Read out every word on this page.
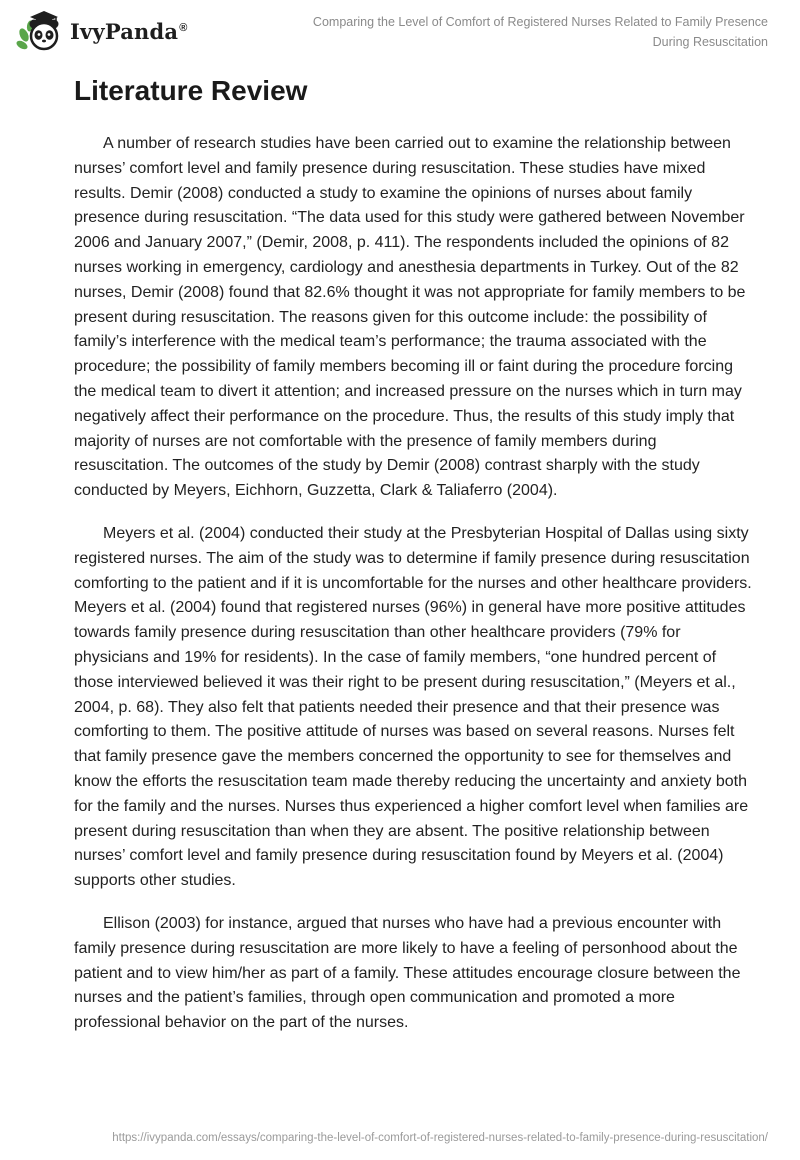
IvyPanda®	Comparing the Level of Comfort of Registered Nurses Related to Family Presence During Resuscitation
Literature Review

A number of research studies have been carried out to examine the relationship between nurses’ comfort level and family presence during resuscitation. These studies have mixed results. Demir (2008) conducted a study to examine the opinions of nurses about family presence during resuscitation. “The data used for this study were gathered between November 2006 and January 2007,” (Demir, 2008, p. 411). The respondents included the opinions of 82 nurses working in emergency, cardiology and anesthesia departments in Turkey. Out of the 82 nurses, Demir (2008) found that 82.6% thought it was not appropriate for family members to be present during resuscitation. The reasons given for this outcome include: the possibility of family’s interference with the medical team’s performance; the trauma associated with the procedure; the possibility of family members becoming ill or faint during the procedure forcing the medical team to divert it attention; and increased pressure on the nurses which in turn may negatively affect their performance on the procedure. Thus, the results of this study imply that majority of nurses are not comfortable with the presence of family members during resuscitation. The outcomes of the study by Demir (2008) contrast sharply with the study conducted by Meyers, Eichhorn, Guzzetta, Clark & Taliaferro (2004).

Meyers et al. (2004) conducted their study at the Presbyterian Hospital of Dallas using sixty registered nurses. The aim of the study was to determine if family presence during resuscitation comforting to the patient and if it is uncomfortable for the nurses and other healthcare providers. Meyers et al. (2004) found that registered nurses (96%) in general have more positive attitudes towards family presence during resuscitation than other healthcare providers (79% for physicians and 19% for residents). In the case of family members, “one hundred percent of those interviewed believed it was their right to be present during resuscitation,” (Meyers et al., 2004, p. 68). They also felt that patients needed their presence and that their presence was comforting to them. The positive attitude of nurses was based on several reasons. Nurses felt that family presence gave the members concerned the opportunity to see for themselves and know the efforts the resuscitation team made thereby reducing the uncertainty and anxiety both for the family and the nurses. Nurses thus experienced a higher comfort level when families are present during resuscitation than when they are absent. The positive relationship between nurses’ comfort level and family presence during resuscitation found by Meyers et al. (2004) supports other studies.

Ellison (2003) for instance, argued that nurses who have had a previous encounter with family presence during resuscitation are more likely to have a feeling of personhood about the patient and to view him/her as part of a family. These attitudes encourage closure between the nurses and the patient’s families, through open communication and promoted a more professional behavior on the part of the nurses.

https://ivypanda.com/essays/comparing-the-level-of-comfort-of-registered-nurses-related-to-family-presence-during-resuscitation/
